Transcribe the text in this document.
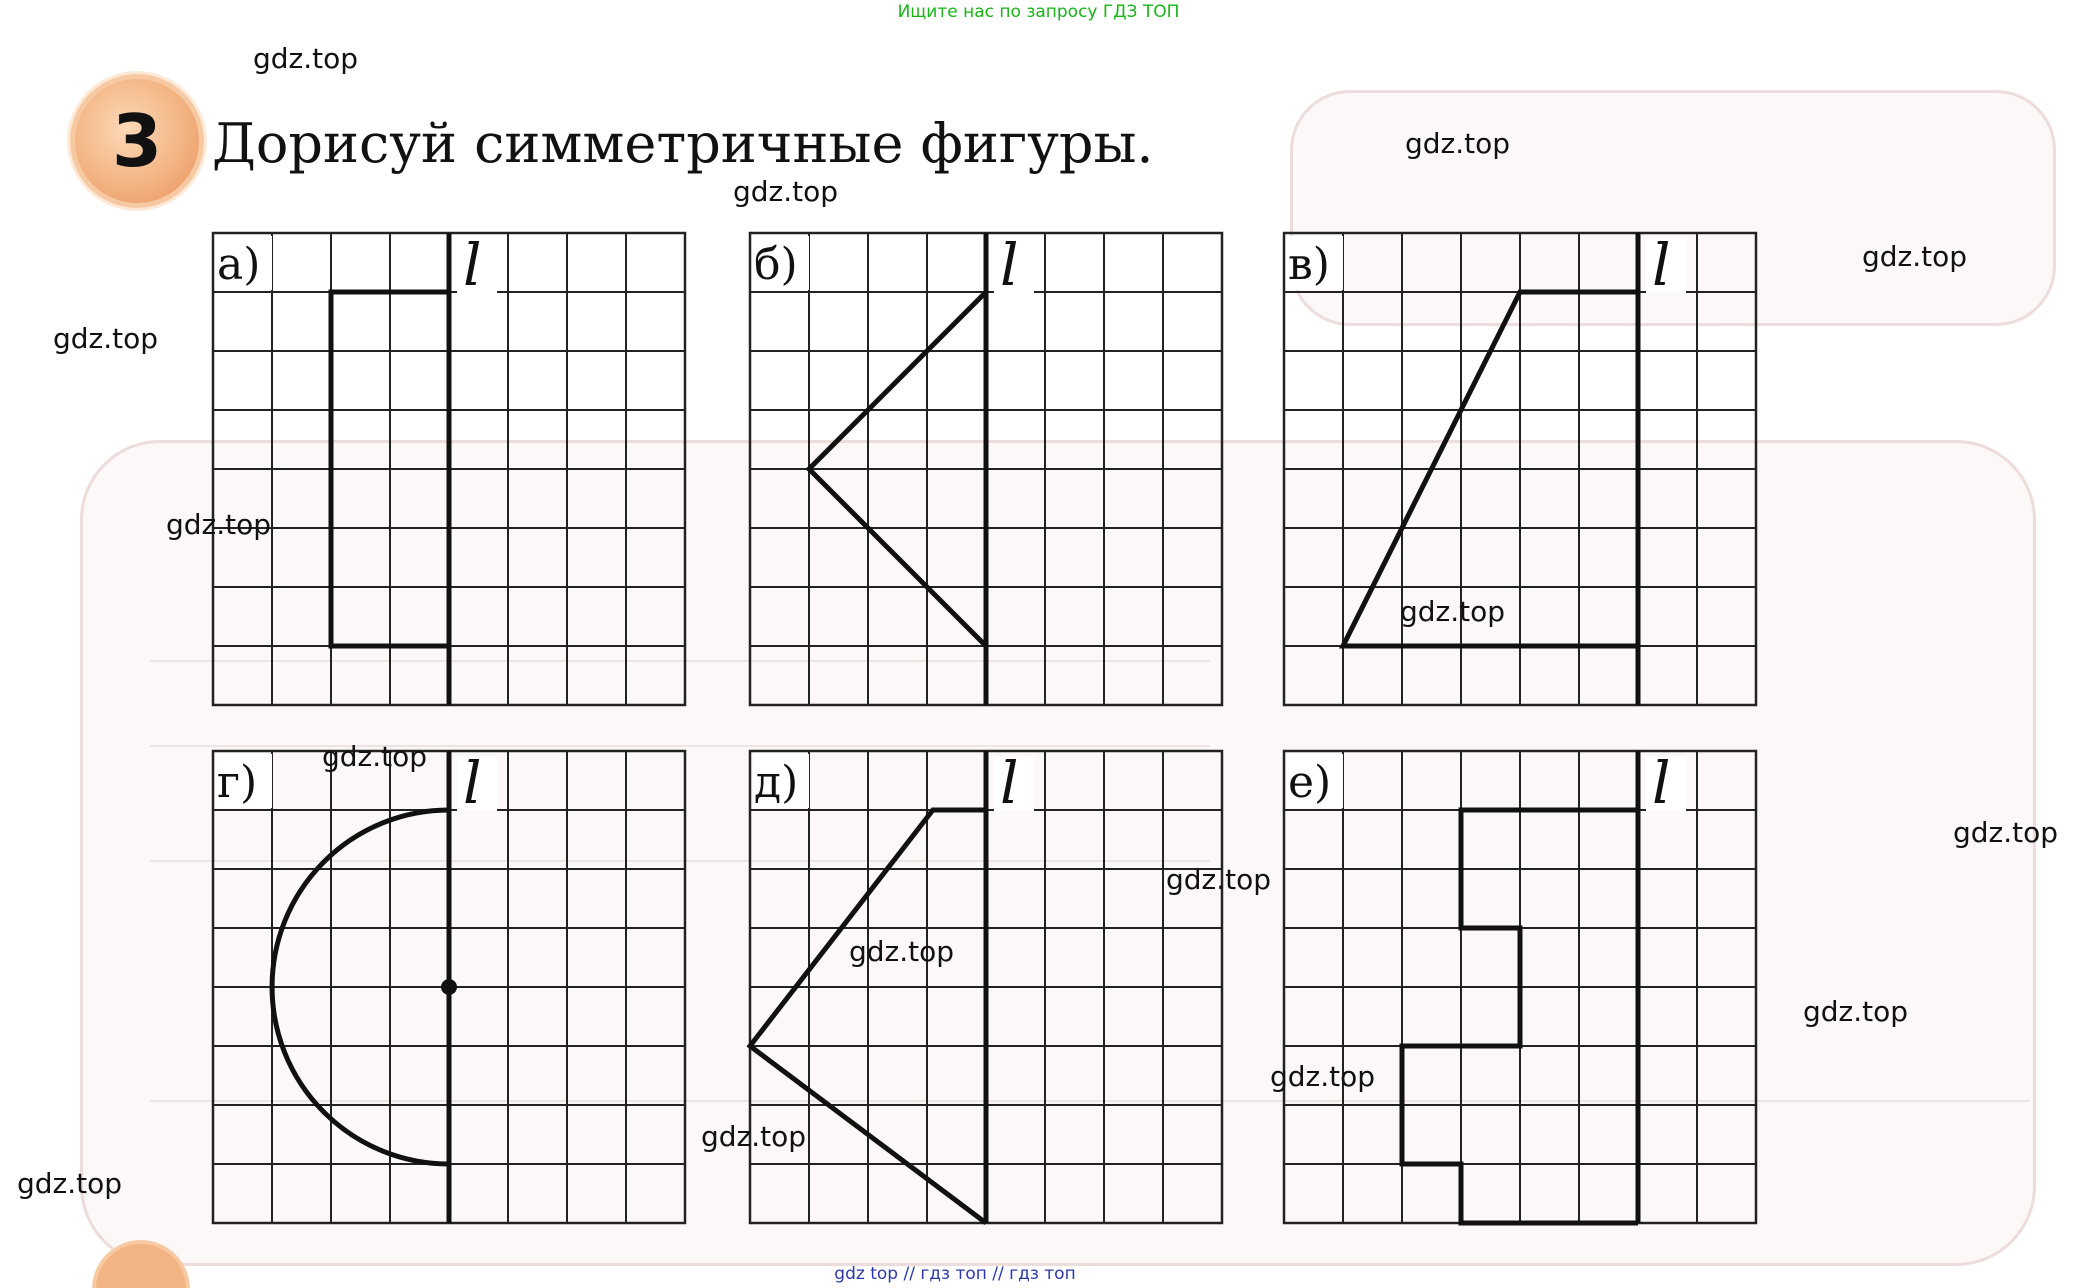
Ищите нас по запросу ГДЗ ТОП
3 Дорисуй симметричные фигуры.
l
а)	l
б)	l
в)
l
г)	l
д)	l
е)
gdz.top
gdz.top
gdz.top
gdz.top
gdz.top
gdz.top
gdz.top
gdz.top
gdz.top
gdz.top
gdz.top
gdz.top
gdz.top
gdz.top
gdz.top
gdz top // гдз топ // гдз топ
